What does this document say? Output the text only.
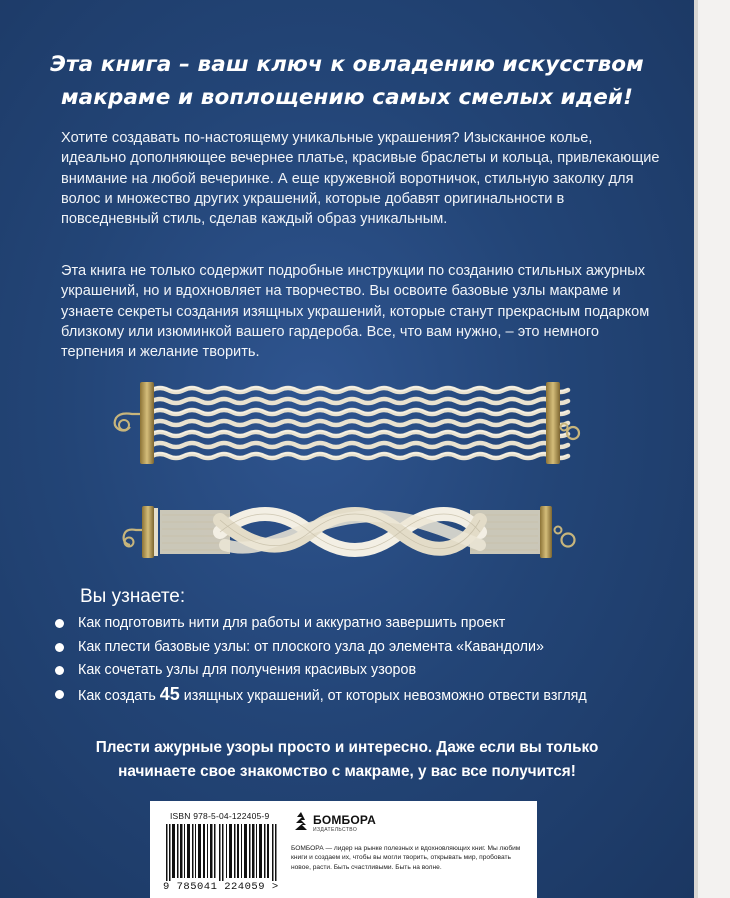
Эта книга – ваш ключ к овладению искусством
макраме и воплощению самых смелых идей!
Хотите создавать по-настоящему уникальные украшения? Изысканное колье, идеально дополняющее вечернее платье, красивые браслеты и кольца, привлекающие внимание на любой вечеринке. А еще кружевной воротничок, стильную заколку для волос и множество других украшений, которые добавят оригинальности в повседневный стиль, сделав каждый образ уникальным.
Эта книга не только содержит подробные инструкции по созданию стильных ажурных украшений, но и вдохновляет на творчество. Вы освоите базовые узлы макраме и узнаете секреты создания изящных украшений, которые станут прекрасным подарком близкому или изюминкой вашего гардероба. Все, что вам нужно, – это немного терпения и желание творить.
Вы узнаете:
Как подготовить нити для работы и аккуратно завершить проект
Как плести базовые узлы: от плоского узла до элемента «Кавандоли»
Как сочетать узлы для получения красивых узоров
Как создать 45 изящных украшений, от которых невозможно отвести взгляд
Плести ажурные узоры просто и интересно. Даже если вы только
начинаете свое знакомство с макраме, у вас все получится!
ISBN 978-5-04-122405-9
9 785041 224059 >
БОМБОРА
ИЗДАТЕЛЬСТВО
БОМБОРА — лидер на рынке полезных и вдохновляющих книг. Мы любим книги и создаем их, чтобы вы могли творить, открывать мир, пробовать новое, расти. Быть счастливыми. Быть на волне.
